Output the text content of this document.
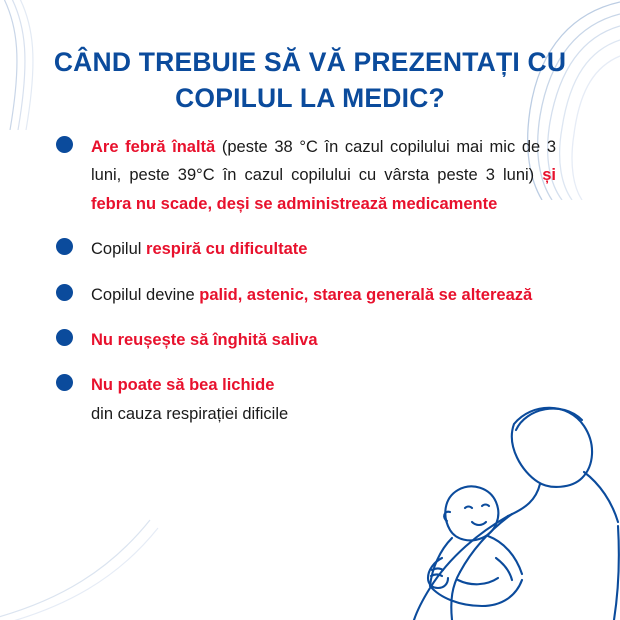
CÂND TREBUIE SĂ VĂ PREZENTAȚI CU COPILUL LA MEDIC?
Are febră înaltă (peste 38 °C în cazul copilului mai mic de 3 luni, peste 39°C în cazul copilului cu vârsta peste 3 luni) și febra nu scade, deși se administrează medicamente
Copilul respiră cu dificultate
Copilul devine palid, astenic, starea generală se alterează
Nu reușește să înghită saliva
Nu poate să bea lichide
din cauza respirației dificile
